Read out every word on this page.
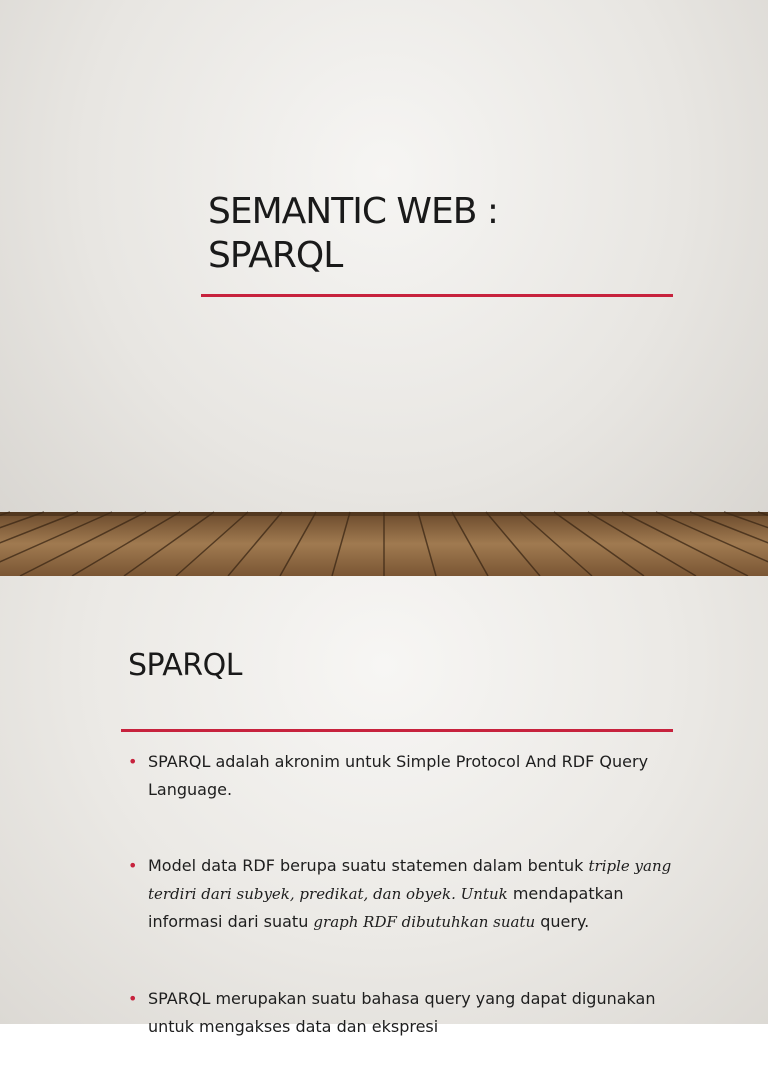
SEMANTIC WEB :
SPARQL
SPARQL
• SPARQL adalah akronim untuk Simple Protocol And RDF Query Language.
• Model data RDF berupa suatu statemen dalam bentuk triple yang terdiri dari subyek, predikat, dan obyek. Untuk mendapatkan informasi dari suatu graph RDF dibutuhkan suatu query.
• SPARQL merupakan suatu bahasa query yang dapat digunakan untuk mengakses data dan ekspresi
